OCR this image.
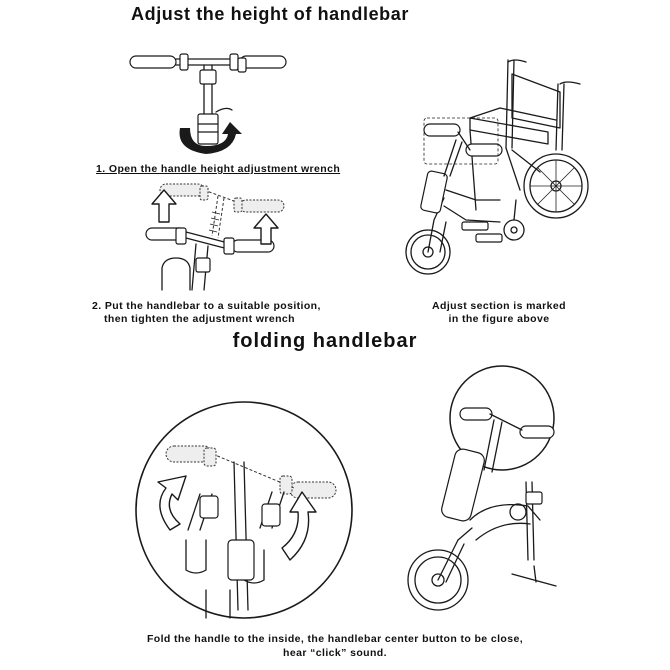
Adjust the height of handlebar
1. Open the handle height adjustment wrench
2. Put the handlebar to a suitable position,
then tighten the adjustment wrench
Adjust section is marked
in the figure above
folding handlebar
Fold the handle to the inside, the handlebar center button to be close,
hear “click” sound.
